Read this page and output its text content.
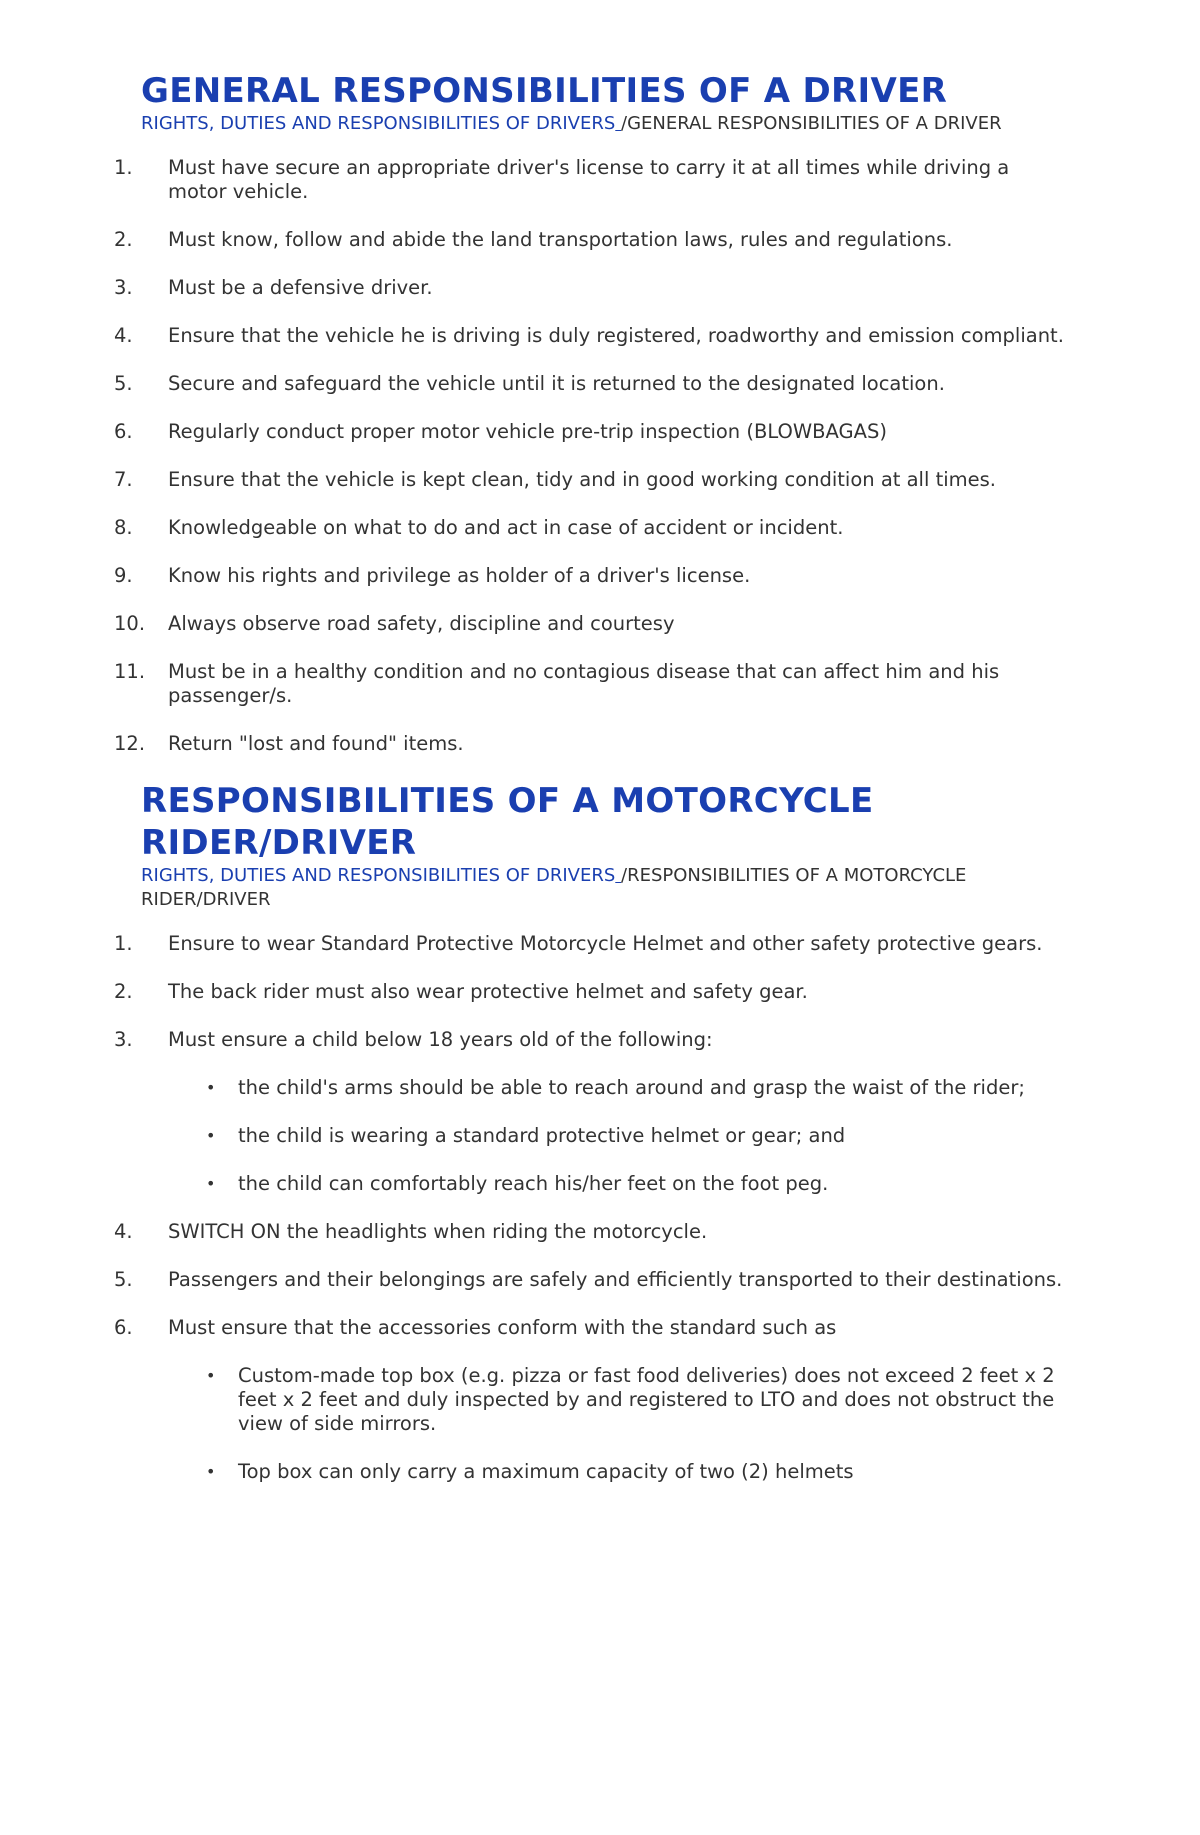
GENERAL RESPONSIBILITIES OF A DRIVER
RIGHTS, DUTIES AND RESPONSIBILITIES OF DRIVERS /GENERAL RESPONSIBILITIES OF A DRIVER
1.	Must have secure an appropriate driver's license to carry it at all times while driving a motor vehicle.
2.	Must know, follow and abide the land transportation laws, rules and regulations.
3.	Must be a defensive driver.
4.	Ensure that the vehicle he is driving is duly registered, roadworthy and emission compliant.
5.	Secure and safeguard the vehicle until it is returned to the designated location.
6.	Regularly conduct proper motor vehicle pre-trip inspection (BLOWBAGAS)
7.	Ensure that the vehicle is kept clean, tidy and in good working condition at all times.
8.	Knowledgeable on what to do and act in case of accident or incident.
9.	Know his rights and privilege as holder of a driver's license.
10.	Always observe road safety, discipline and courtesy
11.	Must be in a healthy condition and no contagious disease that can affect him and his passenger/s.
12.	Return "lost and found" items.
RESPONSIBILITIES OF A MOTORCYCLE RIDER/DRIVER
RIGHTS, DUTIES AND RESPONSIBILITIES OF DRIVERS /RESPONSIBILITIES OF A MOTORCYCLE RIDER/DRIVER
1.	Ensure to wear Standard Protective Motorcycle Helmet and other safety protective gears.
2.	The back rider must also wear protective helmet and safety gear.
3.	Must ensure a child below 18 years old of the following:
• the child's arms should be able to reach around and grasp the waist of the rider;
• the child is wearing a standard protective helmet or gear; and
• the child can comfortably reach his/her feet on the foot peg.
4.	SWITCH ON the headlights when riding the motorcycle.
5.	Passengers and their belongings are safely and efficiently transported to their destinations.
6.	Must ensure that the accessories conform with the standard such as
• Custom-made top box (e.g. pizza or fast food deliveries) does not exceed 2 feet x 2 feet x 2 feet and duly inspected by and registered to LTO and does not obstruct the view of side mirrors.
• Top box can only carry a maximum capacity of two (2) helmets
